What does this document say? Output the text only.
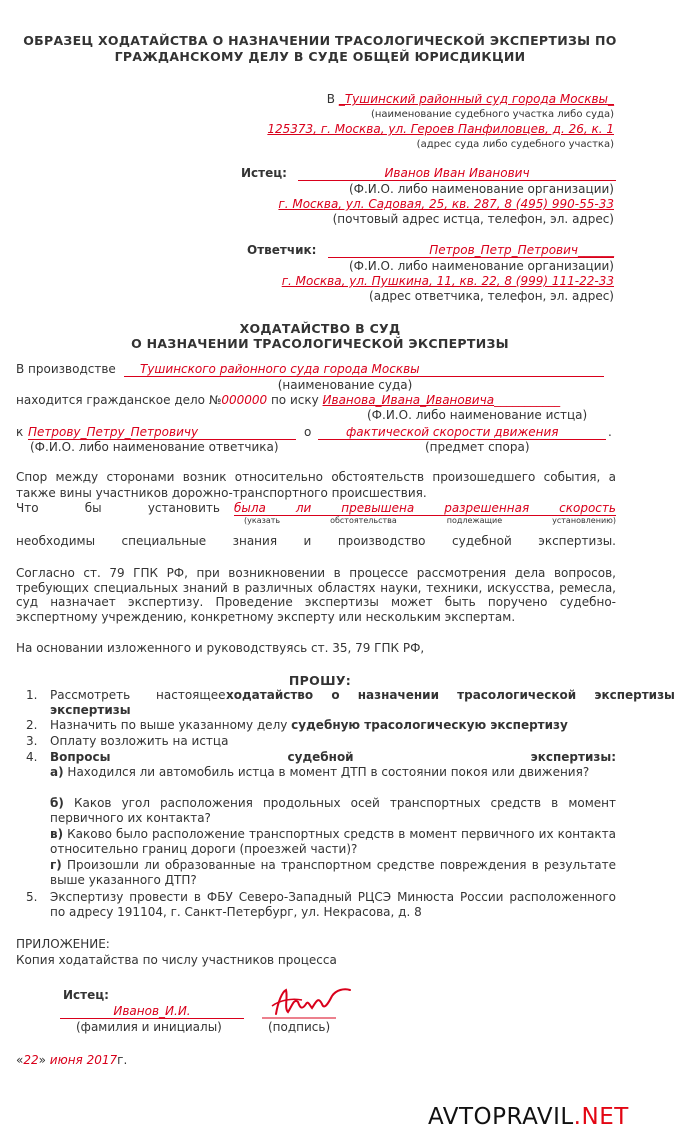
ОБРАЗЕЦ ХОДАТАЙСТВА О НАЗНАЧЕНИИ ТРАСОЛОГИЧЕСКОЙ ЭКСПЕРТИЗЫ ПО
ГРАЖДАНСКОМУ ДЕЛУ В СУДЕ ОБЩЕЙ ЮРИСДИКЦИИ
В _Тушинский районный суд города Москвы_
(наименование судебного участка либо суда)
125373, г. Москва, ул. Героев Панфиловцев, д. 26, к. 1
(адрес суда либо судебного участка)
Истец:	Иванов Иван Иванович
(Ф.И.О. либо наименование организации)
г. Москва, ул. Садовая, 25, кв. 287, 8 (495) 990-55-33
(почтовый адрес истца, телефон, эл. адрес)
Ответчик:	Петров_Петр_Петрович______
(Ф.И.О. либо наименование организации)
г. Москва, ул. Пушкина, 11, кв. 22, 8 (999) 111-22-33
(адрес ответчика, телефон, эл. адрес)
ХОДАТАЙСТВО В СУД
О НАЗНАЧЕНИИ ТРАСОЛОГИЧЕСКОЙ ЭКСПЕРТИЗЫ
В производстве	Тушинского районного суда города Москвы
(наименование суда)
находится гражданское дело №000000 по иску Иванова_Ивана_Ивановича___________
(Ф.И.О. либо наименование истца)
к Петрову_Петру_Петровичу	о	фактической скорости движения	.
(Ф.И.О. либо наименование ответчика)	(предмет спора)
Спор между сторонами возник относительно обстоятельств произошедшего события, а
также вины участников дорожно-транспортного происшествия.
Что	бы	установить была ли превышена разрешенная скорость
(указать	обстоятельства	подлежащие	установлению)
необходимы специальные знания и производство судебной экспертизы.
Согласно ст. 79 ГПК РФ, при возникновении в процессе рассмотрения дела вопросов, требующих специальных знаний в различных областях науки, техники, искусства, ремесла, суд назначает экспертизу. Проведение экспертизы может быть поручено судебно-экспертному учреждению, конкретному эксперту или нескольким экспертам.
На основании изложенного и руководствуясь ст. 35, 79 ГПК РФ,
ПРОШУ:
1. Рассмотреть настоящее ходатайство о назначении трасологической экспертизы
экспертизы
2. Назначить по выше указанному делу судебную трасологическую экспертизу
3. Оплату возложить на истца
4. Вопросы судебной экспертизы:
а) Находился ли автомобиль истца в момент ДТП в состоянии покоя или движения?
б) Каков угол расположения продольных осей транспортных средств в момент первичного их контакта?
в) Каково было расположение транспортных средств в момент первичного их контакта относительно границ дороги (проезжей части)?
г) Произошли ли образованные на транспортном средстве повреждения в результате выше указанного ДТП?
5. Экспертизу провести в ФБУ Северо-Западный РЦСЭ Минюста России расположенного по адресу 191104, г. Санкт-Петербург, ул. Некрасова, д. 8
ПРИЛОЖЕНИЕ:
Копия ходатайства по числу участников процесса
Истец:
Иванов_И.И.
(фамилия и инициалы)	(подпись)
«22» июня 2017г.
AVTOPRAVIL.NET
